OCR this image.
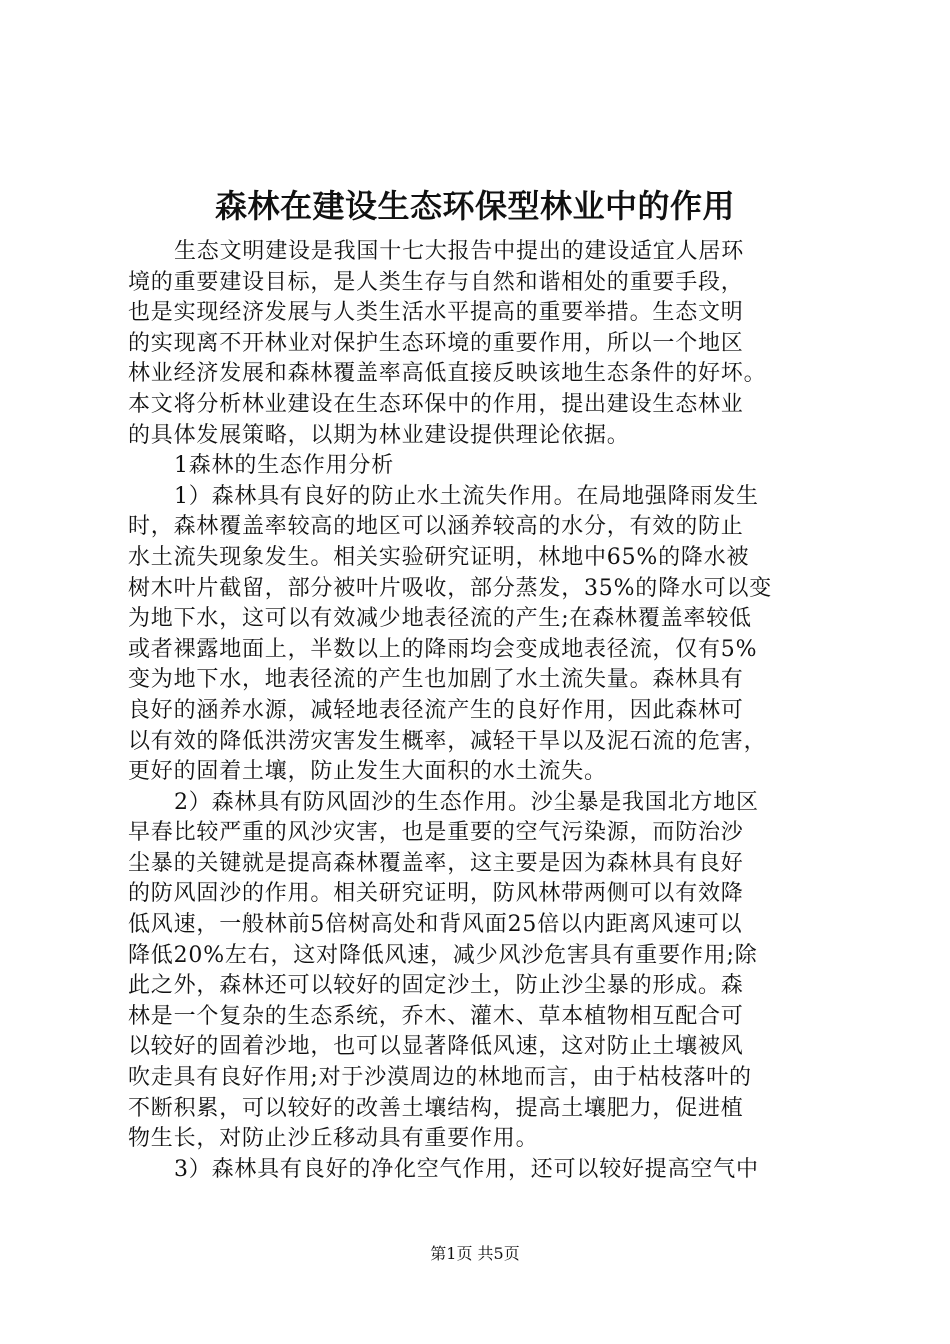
森林在建设生态环保型林业中的作用
生态文明建设是我国十七大报告中提出的建设适宜人居环
境的重要建设目标，是人类生存与自然和谐相处的重要手段，
也是实现经济发展与人类生活水平提高的重要举措。生态文明
的实现离不开林业对保护生态环境的重要作用，所以一个地区
林业经济发展和森林覆盖率高低直接反映该地生态条件的好坏。
本文将分析林业建设在生态环保中的作用，提出建设生态林业
的具体发展策略，以期为林业建设提供理论依据。
1森林的生态作用分析
1）森林具有良好的防止水土流失作用。在局地强降雨发生
时，森林覆盖率较高的地区可以涵养较高的水分，有效的防止
水土流失现象发生。相关实验研究证明，林地中65%的降水被
树木叶片截留，部分被叶片吸收，部分蒸发，35%的降水可以变
为地下水，这可以有效减少地表径流的产生;在森林覆盖率较低
或者裸露地面上，半数以上的降雨均会变成地表径流，仅有5%
变为地下水，地表径流的产生也加剧了水土流失量。森林具有
良好的涵养水源，减轻地表径流产生的良好作用，因此森林可
以有效的降低洪涝灾害发生概率，减轻干旱以及泥石流的危害，
更好的固着土壤，防止发生大面积的水土流失。
2）森林具有防风固沙的生态作用。沙尘暴是我国北方地区
早春比较严重的风沙灾害，也是重要的空气污染源，而防治沙
尘暴的关键就是提高森林覆盖率，这主要是因为森林具有良好
的防风固沙的作用。相关研究证明，防风林带两侧可以有效降
低风速，一般林前5倍树高处和背风面25倍以内距离风速可以
降低20%左右，这对降低风速，减少风沙危害具有重要作用;除
此之外，森林还可以较好的固定沙土，防止沙尘暴的形成。森
林是一个复杂的生态系统，乔木、灌木、草本植物相互配合可
以较好的固着沙地，也可以显著降低风速，这对防止土壤被风
吹走具有良好作用;对于沙漠周边的林地而言，由于枯枝落叶的
不断积累，可以较好的改善土壤结构，提高土壤肥力，促进植
物生长，对防止沙丘移动具有重要作用。
3）森林具有良好的净化空气作用，还可以较好提高空气中
第1页 共5页
